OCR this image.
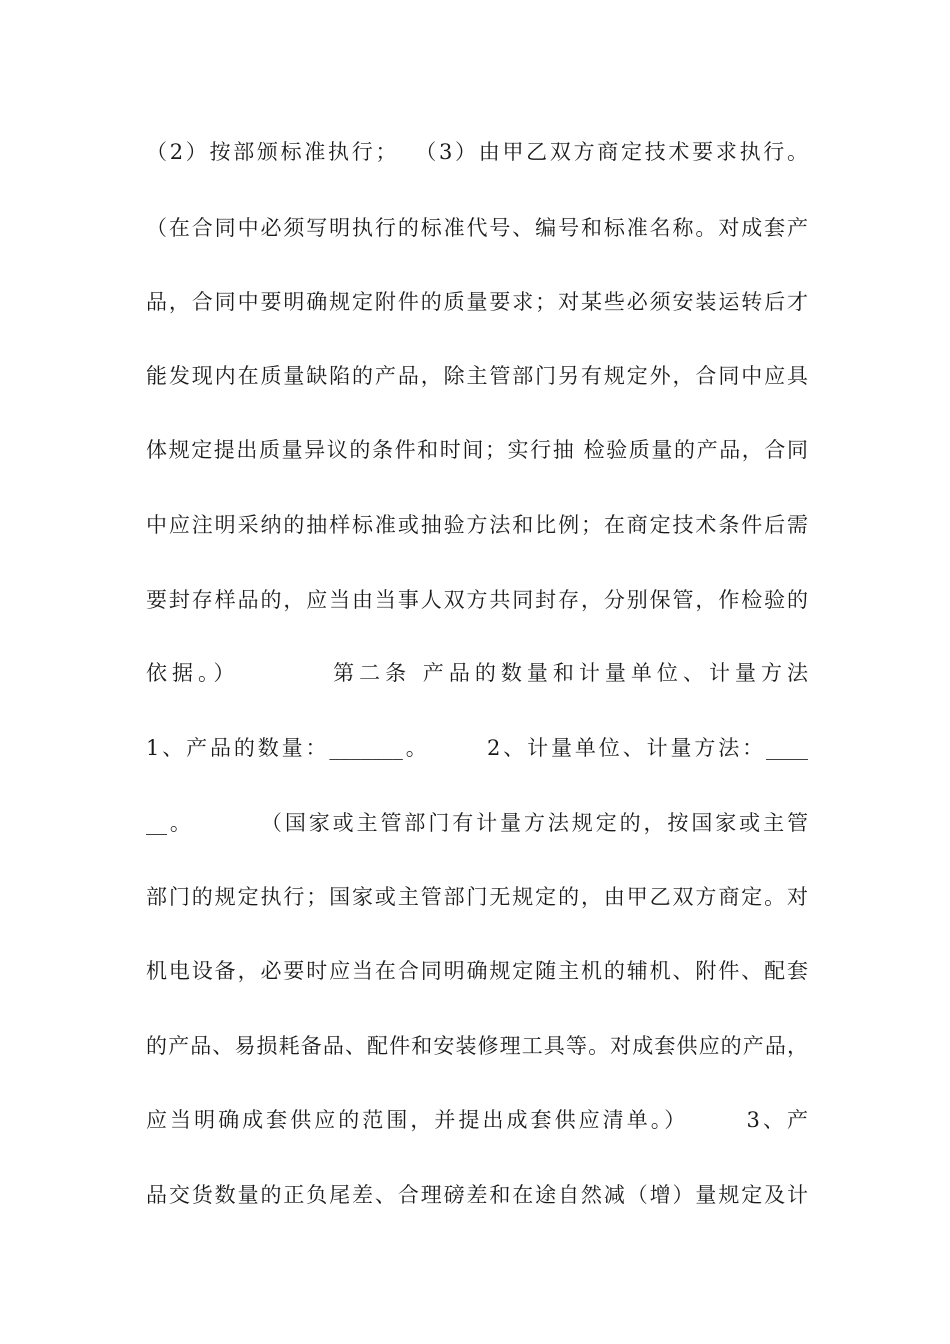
（2）按部颁标准执行；  （3）由甲乙双方商定技术要求执行。
（在合同中必须写明执行的标准代号、编号和标准名称。对成套产
品，合同中要明确规定附件的质量要求；对某些必须安装运转后才
能发现内在质量缺陷的产品，除主管部门另有规定外，合同中应具
体规定提出质量异议的条件和时间；实行抽 检验质量的产品，合同
中应注明采纳的抽样标准或抽验方法和比例；在商定技术条件后需
要封存样品的，应当由当事人双方共同封存，分别保管，作检验的
依据。）        第二条 产品的数量和计量单位、计量方法
1、产品的数量：_______。      2、计量单位、计量方法：____
__。       （国家或主管部门有计量方法规定的，按国家或主管
部门的规定执行；国家或主管部门无规定的，由甲乙双方商定。对
机电设备，必要时应当在合同明确规定随主机的辅机、附件、配套
的产品、易损耗备品、配件和安装修理工具等。对成套供应的产品，
应当明确成套供应的范围，并提出成套供应清单。）      3、产
品交货数量的正负尾差、合理磅差和在途自然减（增）量规定及计
